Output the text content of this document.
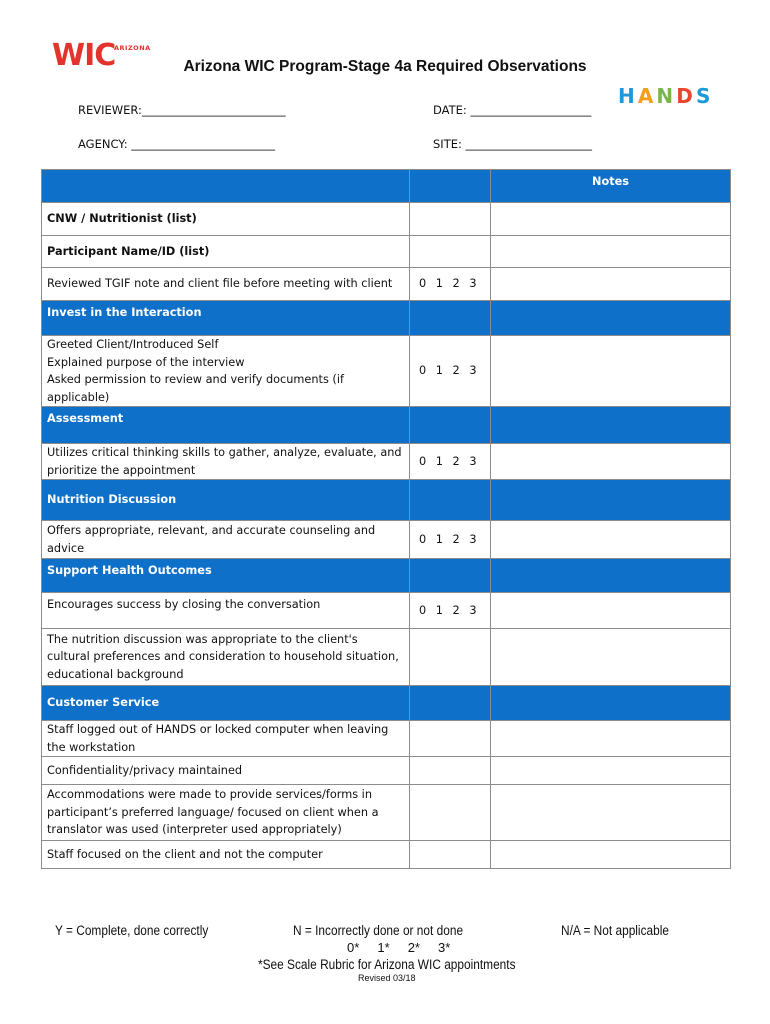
WIC
ARIZONA
Arizona WIC Program-Stage 4a Required Observations
H A N D S
REVIEWER:_________________________	DATE: _____________________
AGENCY: _________________________	SITE: ______________________
		Notes
CNW / Nutritionist (list)		
Participant Name/ID (list)		
Reviewed TGIF note and client file before meeting with client	0 1 2 3	
Invest in the Interaction		

Greeted Client/Introduced Self
Explained purpose of the interview
Asked permission to review and verify documents (if applicable)	0 1 2 3	
Assessment		
Utilizes critical thinking skills to gather, analyze, evaluate, and prioritize the appointment	0 1 2 3	
Nutrition Discussion		
Offers appropriate, relevant, and accurate counseling and advice	0 1 2 3	
Support Health Outcomes		
Encourages success by closing the conversation	0 1 2 3	
The nutrition discussion was appropriate to the client's cultural preferences and consideration to household situation, educational background		
Customer Service		
Staff logged out of HANDS or locked computer when leaving the workstation		
Confidentiality/privacy maintained		
Accommodations were made to provide services/forms in participant’s preferred language/ focused on client when a translator was used (interpreter used appropriately)		
Staff focused on the client and not the computer		
Y = Complete, done correctly	N = Incorrectly done or not done	N/A = Not applicable
0*     1*     2*     3*
*See Scale Rubric for Arizona WIC appointments
Revised 03/18
